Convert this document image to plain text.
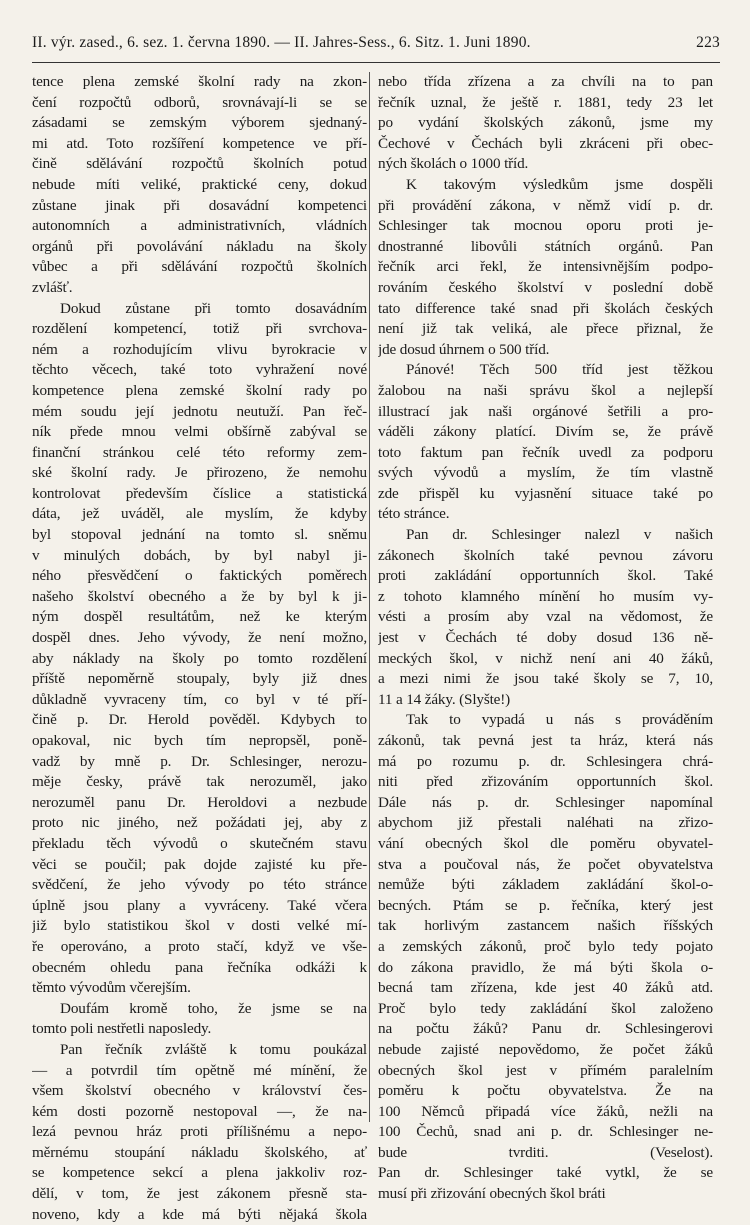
II. výr. zased., 6. sez. 1. června 1890. — II. Jahres-Sess., 6. Sitz. 1. Juni 1890.	223
tence plena zemské školní rady na zkon-
čení rozpočtů odborů, srovnávají-li se se
zásadami se zemským výborem sjednaný-
mi atd. Toto rozšíření kompetence ve pří-
čině sdělávání rozpočtů školních potud
nebude míti veliké, praktické ceny, dokud
zůstane jinak při dosavádní kompetenci
autonomních a administrativních, vládních
orgánů při povolávání nákladu na školy
vůbec a při sdělávání rozpočtů školních
zvlášť.
Dokud zůstane při tomto dosavádním
rozdělení kompetencí, totiž při svrchova-
ném a rozhodujícím vlivu byrokracie v
těchto věcech, také toto vyhražení nové
kompetence plena zemské školní rady po
mém soudu její jednotu neutuží. Pan řeč-
ník přede mnou velmi obšírně zabýval se
finanční stránkou celé této reformy zem-
ské školní rady. Je přirozeno, že nemohu
kontrolovat především číslice a statistická
dáta, jež uváděl, ale myslím, že kdyby
byl stopoval jednání na tomto sl. sněmu
v minulých dobách, by byl nabyl ji-
ného přesvědčení o faktických poměrech
našeho školství obecného a že by byl k ji-
ným dospěl resultátům, než ke kterým
dospěl dnes. Jeho vývody, že není možno,
aby náklady na školy po tomto rozdělení
příště nepoměrně stoupaly, byly již dnes
důkladně vyvraceny tím, co byl v té pří-
čině p. Dr. Herold pověděl. Kdybych to
opakoval, nic bych tím nepropsěl, poně-
vadž by mně p. Dr. Schlesinger, nerozu-
měje česky, právě tak nerozuměl, jako
nerozuměl panu Dr. Heroldovi a nezbude
proto nic jiného, než požádati jej, aby z
překladu těch vývodů o skutečném stavu
věci se poučil; pak dojde zajisté ku pře-
svědčení, že jeho vývody po této stránce
úplně jsou plany a vyvráceny. Také včera
již bylo statistikou škol v dosti velké mí-
ře operováno, a proto stačí, když ve vše-
obecném ohledu pana řečníka odkáži k
těmto vývodům včerejším.
Doufám kromě toho, že jsme se na
tomto poli nestřetli naposledy.
Pan řečník zvláště k tomu poukázal
— a potvrdil tím opětně mé mínění, že
všem školství obecného v království čes-
kém dosti pozorně nestopoval —, že na-
lezá pevnou hráz proti přílišnému a nepo-
měrnému stoupání nákladu školského, ať
se kompetence sekcí a plena jakkoliv roz-
dělí, v tom, že jest zákonem přesně sta-
noveno, kdy a kde má býti nějaká škola
nebo třída zřízena a za chvíli na to pan
řečník uznal, že ještě r. 1881, tedy 23 let
po vydání školských zákonů, jsme my
Čechové v Čechách byli zkráceni při obec-
ných školách o 1000 tříd.
K takovým výsledkům jsme dospěli
při provádění zákona, v němž vidí p. dr.
Schlesinger tak mocnou oporu proti je-
dnostranné libovůli státních orgánů. Pan
řečník arci řekl, že intensivnějším podpo-
rováním českého školství v poslední době
tato difference také snad při školách českých
není již tak veliká, ale přece přiznal, že
jde dosud úhrnem o 500 tříd.
Pánové! Těch 500 tříd jest těžkou
žalobou na naši správu škol a nejlepší
illustrací jak naši orgánové šetřili a pro-
váděli zákony platící. Divím se, že právě
toto faktum pan řečník uvedl za podporu
svých vývodů a myslím, že tím vlastně
zde přispěl ku vyjasnění situace také po
této stránce.
Pan dr. Schlesinger nalezl v našich
zákonech školních také pevnou závoru
proti zakládání opportunních škol. Také
z tohoto klamného mínění ho musím vy-
vésti a prosím aby vzal na vědomost, že
jest v Čechách té doby dosud 136 ně-
meckých škol, v nichž není ani 40 žáků,
a mezi nimi že jsou také školy se 7, 10,
11 a 14 žáky. (Slyšte!)
Tak to vypadá u nás s prováděním
zákonů, tak pevná jest ta hráz, která nás
má po rozumu p. dr. Schlesingera chrá-
niti před zřizováním opportunních škol.
Dále nás p. dr. Schlesinger napomínal
abychom již přestali naléhati na zřizo-
vání obecných škol dle poměru obyvatel-
stva a poučoval nás, že počet obyvatelstva
nemůže býti základem zakládání škol-o-
becných. Ptám se p. řečníka, který jest
tak horlivým zastancem našich říšských
a zemských zákonů, proč bylo tedy pojato
do zákona pravidlo, že má býti škola o-
becná tam zřízena, kde jest 40 žáků atd.
Proč bylo tedy zakládání škol založeno
na počtu žáků? Panu dr. Schlesingerovi
nebude zajisté nepovědomo, že počet žáků
obecných škol jest v přímém paralelním
poměru k počtu obyvatelstva. Že na
100 Němců připadá více žáků, nežli na
100 Čechů, snad ani p. dr. Schlesinger ne-
bude tvrditi. (Veselost).
Pan dr. Schlesinger také vytkl, že se
musí při zřizování obecných škol bráti
